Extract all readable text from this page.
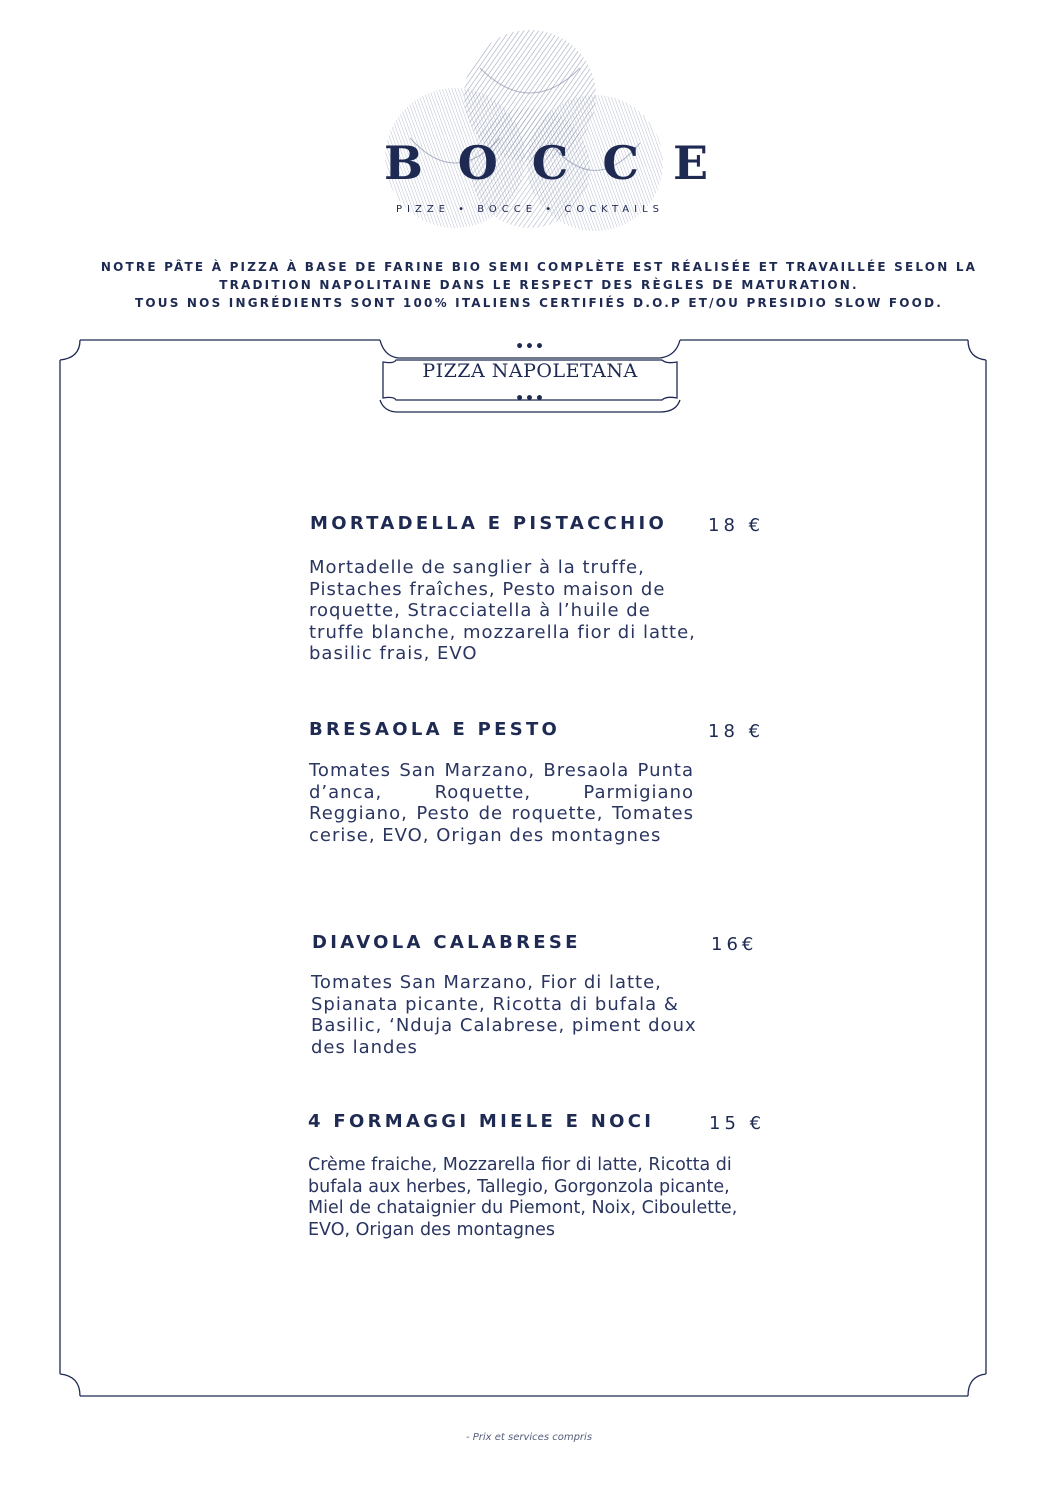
BOCCE
PIZZE • BOCCE • COCKTAILS
NOTRE PÂTE À PIZZA À BASE DE FARINE BIO SEMI COMPLÈTE EST RÉALISÉE ET TRAVAILLÉE SELON LA
TRADITION NAPOLITAINE DANS LE RESPECT DES RÈGLES DE MATURATION.
TOUS NOS INGRÉDIENTS SONT 100% ITALIENS CERTIFIÉS D.O.P ET/OU PRESIDIO SLOW FOOD.
•••
PIZZA NAPOLETANA
•••
MORTADELLA E PISTACCHIO 18 €
Mortadelle de sanglier à la truffe, Pistaches fraîches, Pesto maison de roquette, Stracciatella à l’huile de truffe blanche, mozzarella fior di latte, basilic frais, EVO
BRESAOLA E PESTO	18 €
Tomates San Marzano, Bresaola Punta d’anca, Roquette, Parmigiano Reggiano, Pesto de roquette, Tomates cerise, EVO, Origan des montagnes
DIAVOLA CALABRESE	16€
Tomates San Marzano, Fior di latte, Spianata picante, Ricotta di bufala & Basilic, ‘Nduja Calabrese, piment doux des landes
4 FORMAGGI MIELE E NOCI	15 €
Crème fraiche, Mozzarella fior di latte, Ricotta di bufala aux herbes, Tallegio, Gorgonzola picante, Miel de chataignier du Piemont, Noix, Ciboulette, EVO, Origan des montagnes
- Prix et services compris
